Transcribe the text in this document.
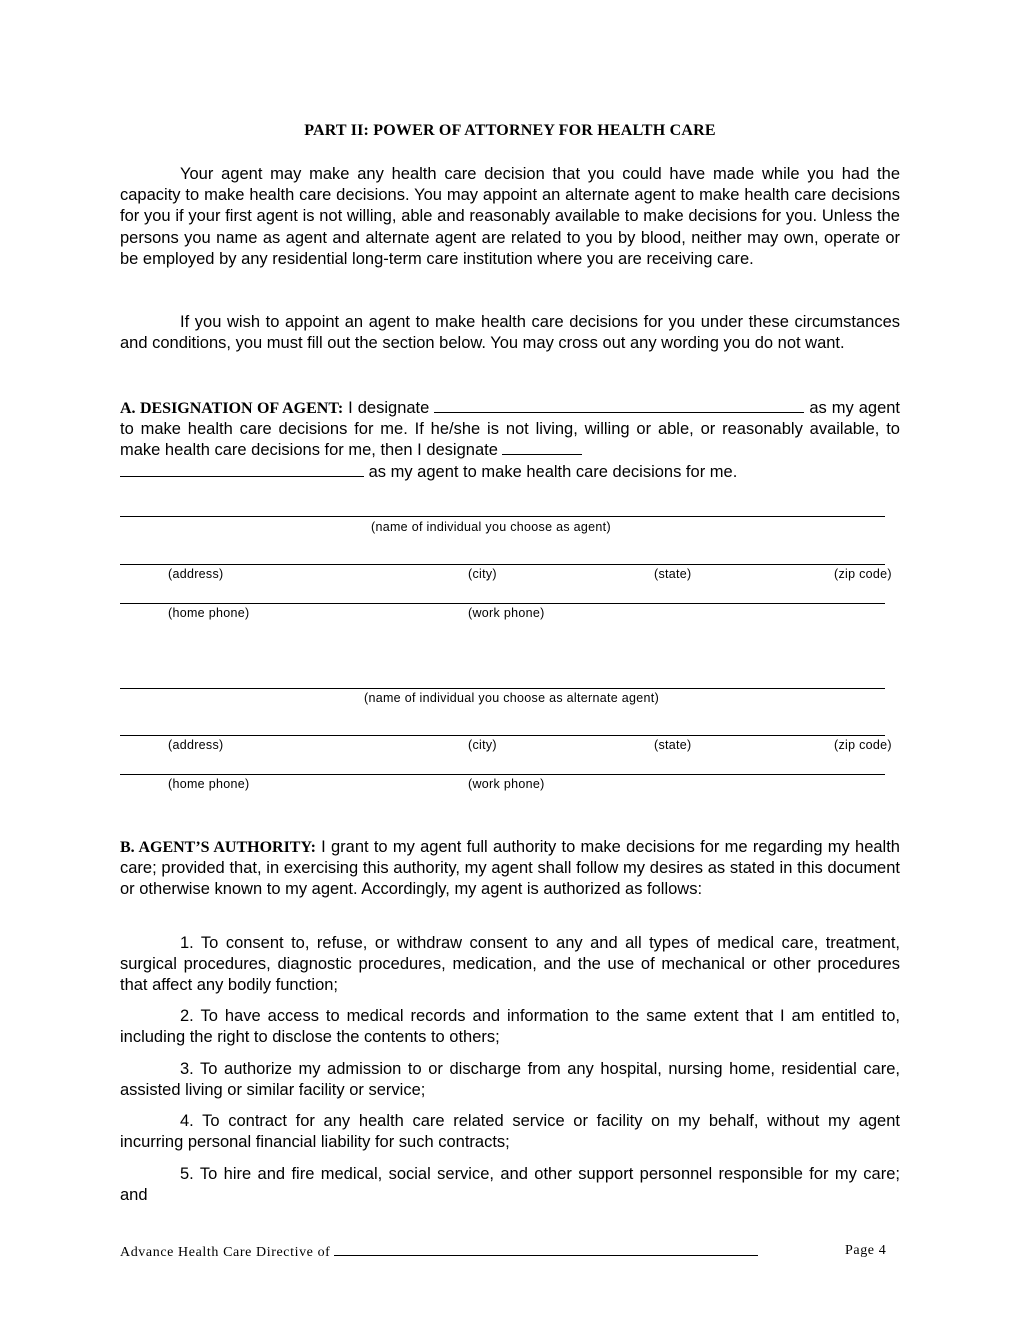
PART II: POWER OF ATTORNEY FOR HEALTH CARE
Your agent may make any health care decision that you could have made while you had the capacity to make health care decisions. You may appoint an alternate agent to make health care decisions for you if your first agent is not willing, able and reasonably available to make decisions for you. Unless the persons you name as agent and alternate agent are related to you by blood, neither may own, operate or be employed by any residential long-term care institution where you are receiving care.
If you wish to appoint an agent to make health care decisions for you under these circumstances and conditions, you must fill out the section below. You may cross out any wording you do not want.
A. DESIGNATION OF AGENT: I designate	as my agent to make health care decisions for me. If he/she is not living, willing or able, or reasonably available, to make health care decisions for me, then I designate
as my agent to make health care decisions for me.
(name of individual you choose as agent)
(address)	(city)	(state)	(zip code)
(home phone)	(work phone)
(name of individual you choose as alternate agent)
(address)	(city)	(state)	(zip code)
(home phone)	(work phone)
B. AGENT’S AUTHORITY: I grant to my agent full authority to make decisions for me regarding my health care; provided that, in exercising this authority, my agent shall follow my desires as stated in this document or otherwise known to my agent. Accordingly, my agent is authorized as follows:
1. To consent to, refuse, or withdraw consent to any and all types of medical care, treatment, surgical procedures, diagnostic procedures, medication, and the use of mechanical or other procedures that affect any bodily function;
2. To have access to medical records and information to the same extent that I am entitled to, including the right to disclose the contents to others;
3. To authorize my admission to or discharge from any hospital, nursing home, residential care, assisted living or similar facility or service;
4. To contract for any health care related service or facility on my behalf, without my agent incurring personal financial liability for such contracts;
5. To hire and fire medical, social service, and other support personnel responsible for my care; and
Advance Health Care Directive of	Page 4
